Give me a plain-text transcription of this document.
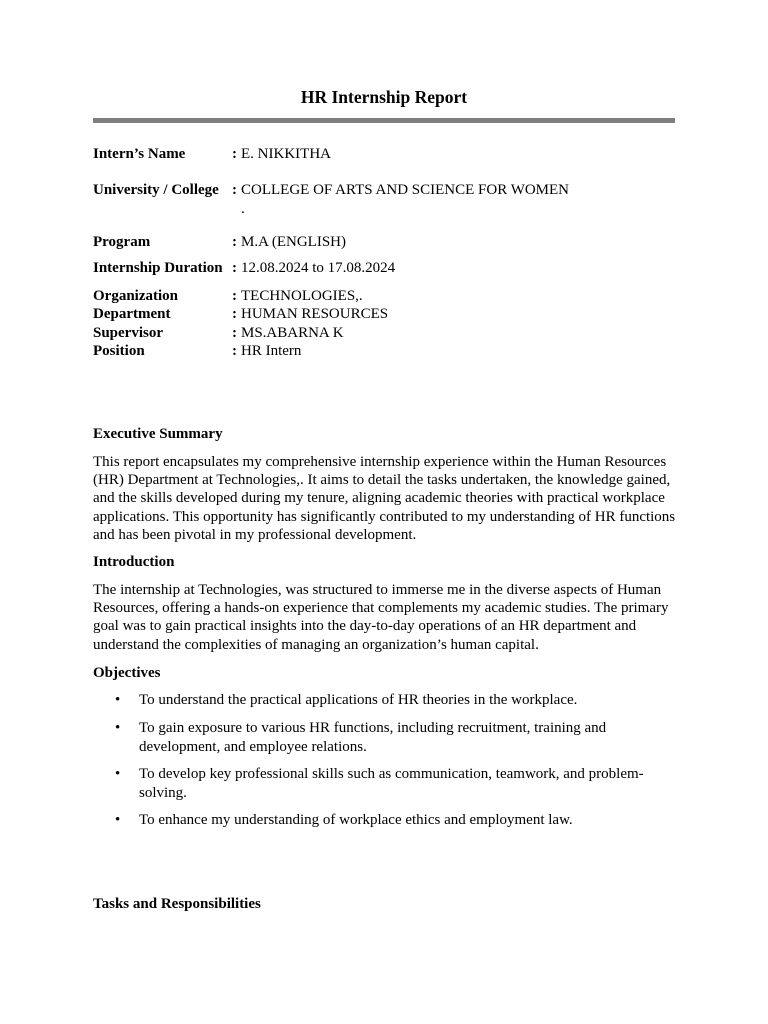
HR Internship Report
Intern’s Name	: E. NIKKITHA
University / College : COLLEGE OF ARTS AND SCIENCE FOR WOMEN
.
Program	: M.A (ENGLISH)
Internship Duration : 12.08.2024 to 17.08.2024
Organization	: TECHNOLOGIES,.
Department	: HUMAN RESOURCES
Supervisor	: MS.ABARNA K
Position	: HR Intern
Executive Summary
This report encapsulates my comprehensive internship experience within the Human Resources (HR) Department at Technologies,. It aims to detail the tasks undertaken, the knowledge gained, and the skills developed during my tenure, aligning academic theories with practical workplace applications. This opportunity has significantly contributed to my understanding of HR functions and has been pivotal in my professional development.
Introduction
The internship at Technologies, was structured to immerse me in the diverse aspects of Human Resources, offering a hands-on experience that complements my academic studies. The primary goal was to gain practical insights into the day-to-day operations of an HR department and understand the complexities of managing an organization’s human capital.
Objectives
• To understand the practical applications of HR theories in the workplace.
• To gain exposure to various HR functions, including recruitment, training and development, and employee relations.
• To develop key professional skills such as communication, teamwork, and problem-solving.
• To enhance my understanding of workplace ethics and employment law.
Tasks and Responsibilities
